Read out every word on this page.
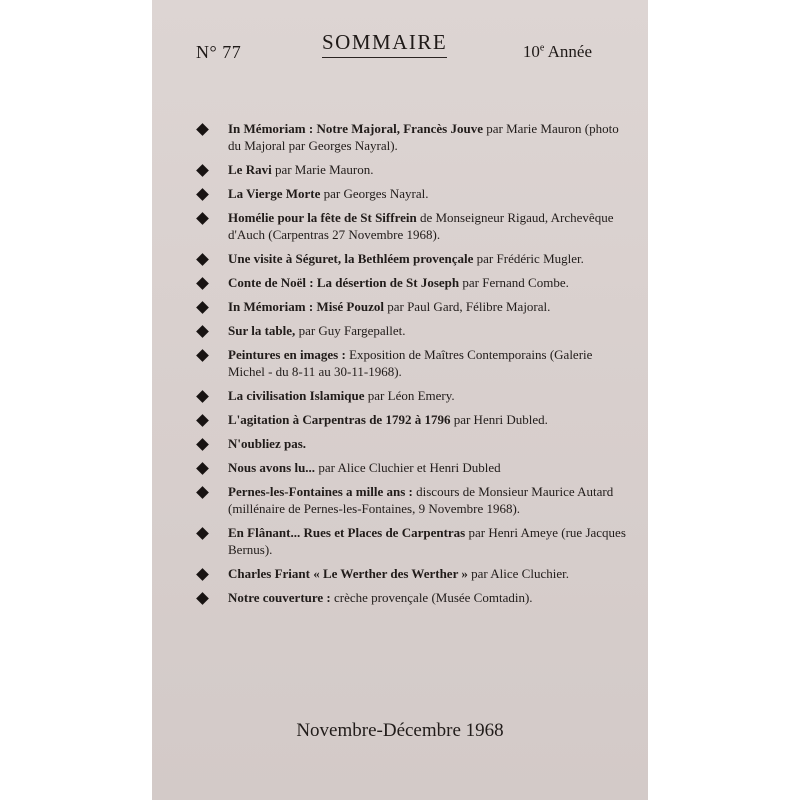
N° 77	SOMMAIRE	10e Année
In Mémoriam : Notre Majoral, Francès Jouve par Marie Mauron (photo du Majoral par Georges Nayral).
Le Ravi par Marie Mauron.
La Vierge Morte par Georges Nayral.
Homélie pour la fête de St Siffrein de Monseigneur Rigaud, Archevêque d'Auch (Carpentras 27 Novembre 1968).
Une visite à Séguret, la Bethléem provençale par Frédéric Mugler.
Conte de Noël : La désertion de St Joseph par Fernand Combe.
In Mémoriam : Misé Pouzol par Paul Gard, Félibre Majoral.
Sur la table, par Guy Fargepallet.
Peintures en images : Exposition de Maîtres Contemporains (Galerie Michel - du 8-11 au 30-11-1968).
La civilisation Islamique par Léon Emery.
L'agitation à Carpentras de 1792 à 1796 par Henri Dubled.
N'oubliez pas.
Nous avons lu... par Alice Cluchier et Henri Dubled
Pernes-les-Fontaines a mille ans : discours de Monsieur Maurice Autard (millénaire de Pernes-les-Fontaines, 9 Novembre 1968).
En Flânant... Rues et Places de Carpentras par Henri Ameye (rue Jacques Bernus).
Charles Friant « Le Werther des Werther » par Alice Cluchier.
Notre couverture : crèche provençale (Musée Comtadin).
Novembre-Décembre 1968
